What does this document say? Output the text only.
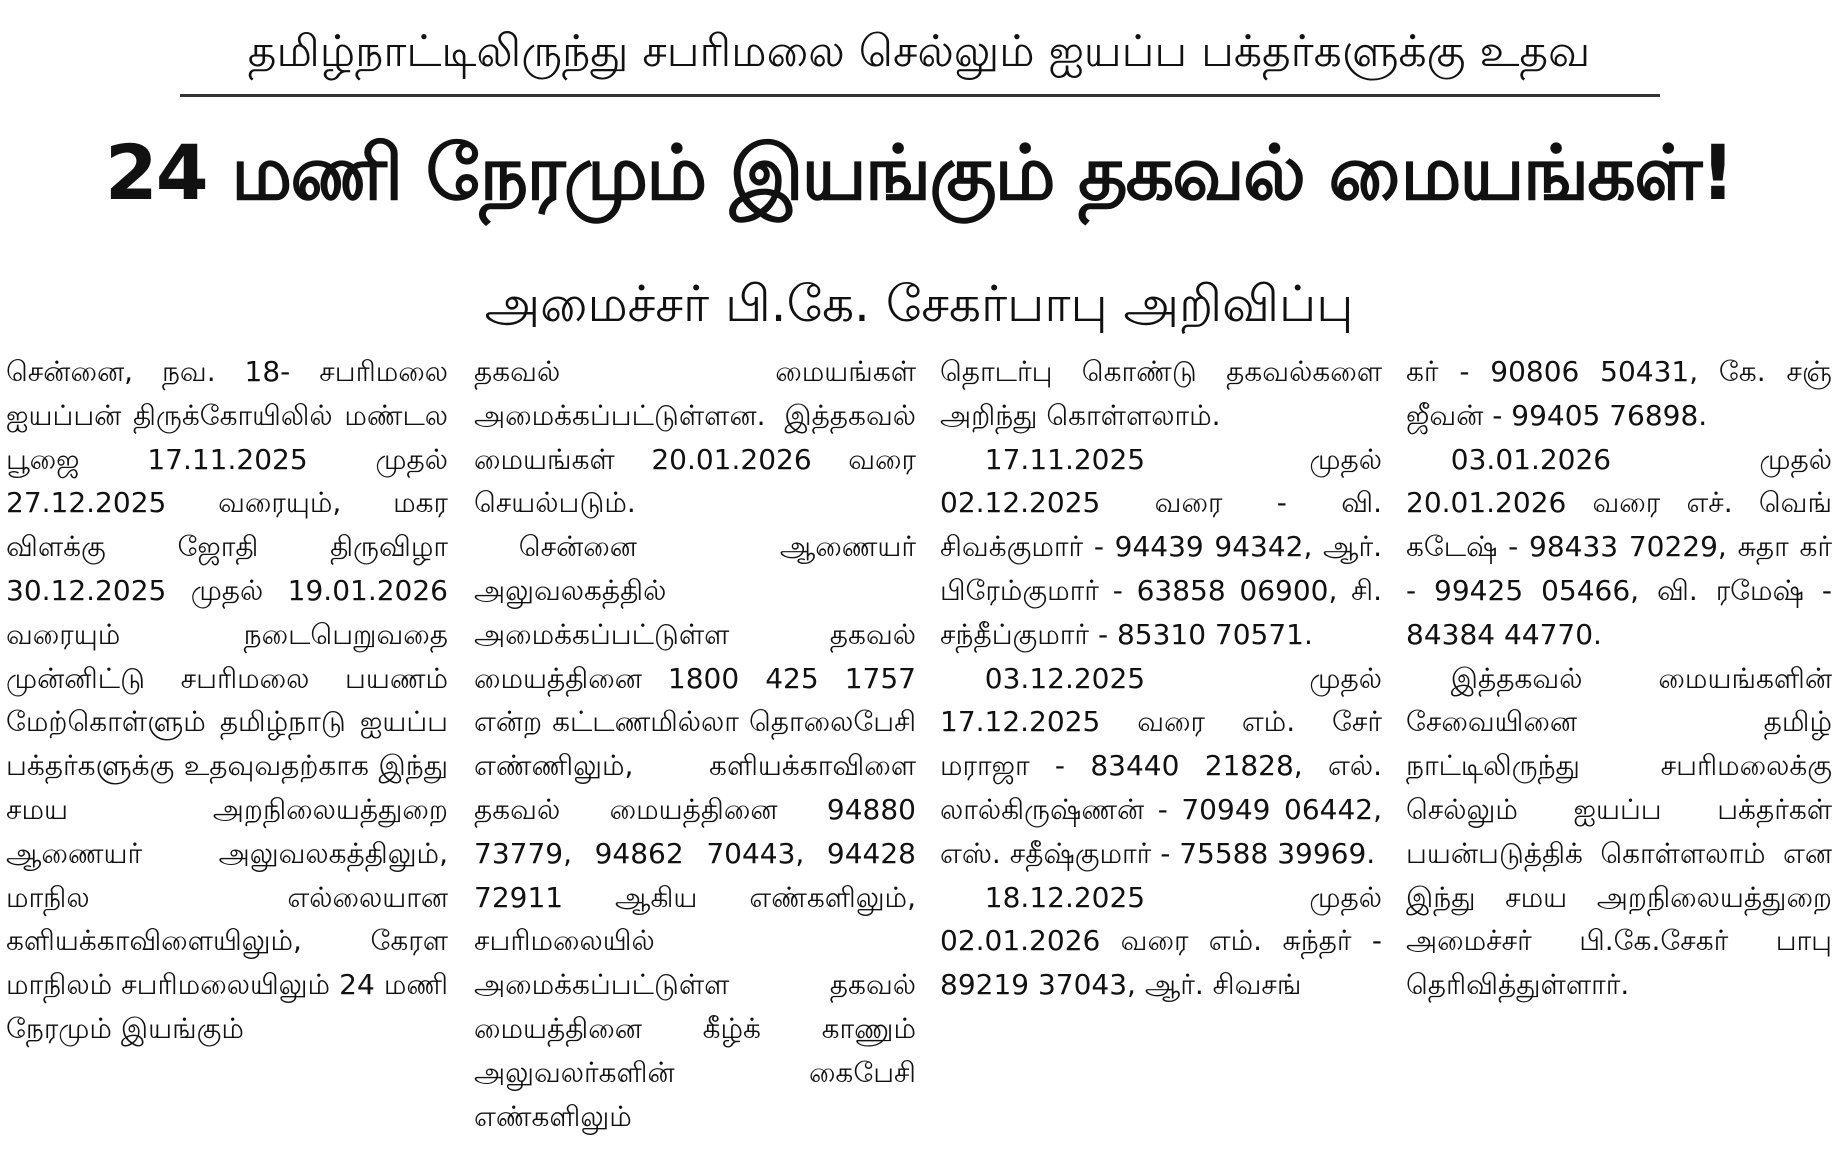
தமிழ்நாட்டிலிருந்து சபரிமலை செல்லும் ஐயப்ப பக்தர்களுக்கு உதவ
24 மணி நேரமும் இயங்கும் தகவல் மையங்கள்!
அமைச்சர் பி.கே. சேகர்பாபு அறிவிப்பு

சென்னை, நவ. 18- சபரிமலை ஐயப்பன் திருக்கோயிலில் மண்டல பூஜை 17.11.2025 முதல் 27.12.2025 வரையும், மகர விளக்கு ஜோதி திருவிழா 30.12.2025 முதல் 19.01.2026 வரையும் நடைபெறுவதை முன்னிட்டு சபரிமலை பயணம் மேற்கொள்ளும் தமிழ்நாடு ஐயப்ப பக்தர்களுக்கு உதவுவதற்காக இந்து சமய அறநிலையத்துறை ஆணையர் அலுவலகத்திலும், மாநில எல்லையான களியக்காவிளையிலும், கேரள மாநிலம் சபரிமலையிலும் 24 மணி நேரமும் இயங்கும்

தகவல் மையங்கள் அமைக்கப்பட்டுள்ளன. இத்தகவல் மையங்கள் 20.01.2026 வரை செயல்படும்.

சென்னை ஆணையர் அலுவலகத்தில் அமைக்கப்பட்டுள்ள தகவல் மையத்தினை 1800 425 1757 என்ற கட்டணமில்லா தொலைபேசி எண்ணிலும், களியக்காவிளை தகவல் மையத்தினை 94880 73779, 94862 70443, 94428 72911 ஆகிய எண்களிலும், சபரிமலையில் அமைக்கப்பட்டுள்ள தகவல் மையத்தினை கீழ்க் காணும் அலுவலர்களின் கைபேசி எண்களிலும்

தொடர்பு கொண்டு தகவல்களை அறிந்து கொள்ளலாம்.

17.11.2025 முதல் 02.12.2025 வரை - வி. சிவக்குமார் - 94439 94342, ஆர். பிரேம்குமார் - 63858 06900, சி. சந்தீப்குமார் - 85310 70571.

03.12.2025 முதல் 17.12.2025 வரை எம். சேர் மராஜா - 83440 21828, எல். லால்கிருஷ்ணன் - 70949 06442, எஸ். சதீஷ்குமார் - 75588 39969.

18.12.2025 முதல் 02.01.2026 வரை எம். சுந்தர் - 89219 37043, ஆர். சிவசங்

கர் - 90806 50431, கே. சஞ் ஜீவன் - 99405 76898.

03.01.2026 முதல் 20.01.2026 வரை எச். வெங் கடேஷ் - 98433 70229, சுதா கர் - 99425 05466, வி. ரமேஷ் - 84384 44770.

இத்தகவல் மையங்களின் சேவையினை தமிழ் நாட்டிலிருந்து சபரிமலைக்கு செல்லும் ஐயப்ப பக்தர்கள் பயன்படுத்திக் கொள்ளலாம் என இந்து சமய அறநிலையத்துறை அமைச்சர் பி.கே.சேகர் பாபு தெரிவித்துள்ளார்.
